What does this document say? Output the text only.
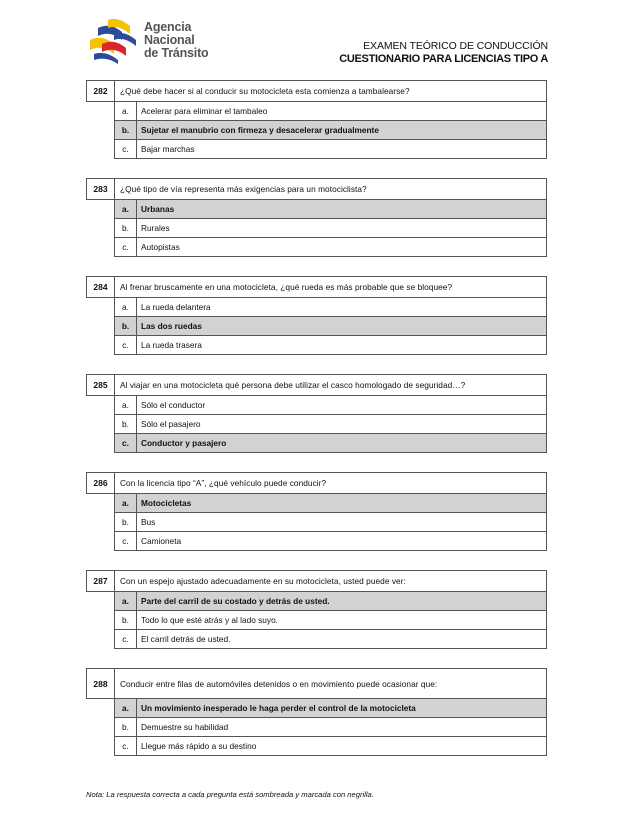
Agencia
Nacional
de Tránsito	EXAMEN TEÓRICO DE CONDUCCIÓN
CUESTIONARIO PARA LICENCIAS TIPO A
282	¿Qué debe hacer si al conducir su motocicleta esta comienza a tambalearse?
a.	Acelerar para eliminar el tambaleo
b.	Sujetar el manubrio con firmeza y desacelerar gradualmente
c.	Bajar marchas
283	¿Qué tipo de vía representa más exigencias para un motociclista?
a.	Urbanas
b.	Rurales
c.	Autopistas
284	Al frenar bruscamente en una motocicleta, ¿qué rueda es más probable que se bloquee?
a.	La rueda delantera
b.	Las dos ruedas
c.	La rueda trasera
285	Al viajar en una motocicleta qué persona debe utilizar el casco homologado de seguridad…?
a.	Sólo el conductor
b.	Sólo el pasajero
c.	Conductor y pasajero
286	Con la licencia tipo “A”, ¿qué vehículo puede conducir?
a.	Motocicletas
b.	Bus
c.	Camioneta
287	Con un espejo ajustado adecuadamente en su motocicleta, usted puede ver:
a.	Parte del carril de su costado y detrás de usted.
b.	Todo lo que esté atrás y al lado suyo.
c.	El carril detrás de usted.
288	Conducir entre filas de automóviles detenidos o en movimiento puede ocasionar que:
a.	Un movimiento inesperado le haga perder el control de la motocicleta
b.	Demuestre su habilidad
c.	Llegue más rápido a su destino
Nota: La respuesta correcta a cada pregunta está sombreada y marcada con negrilla.
